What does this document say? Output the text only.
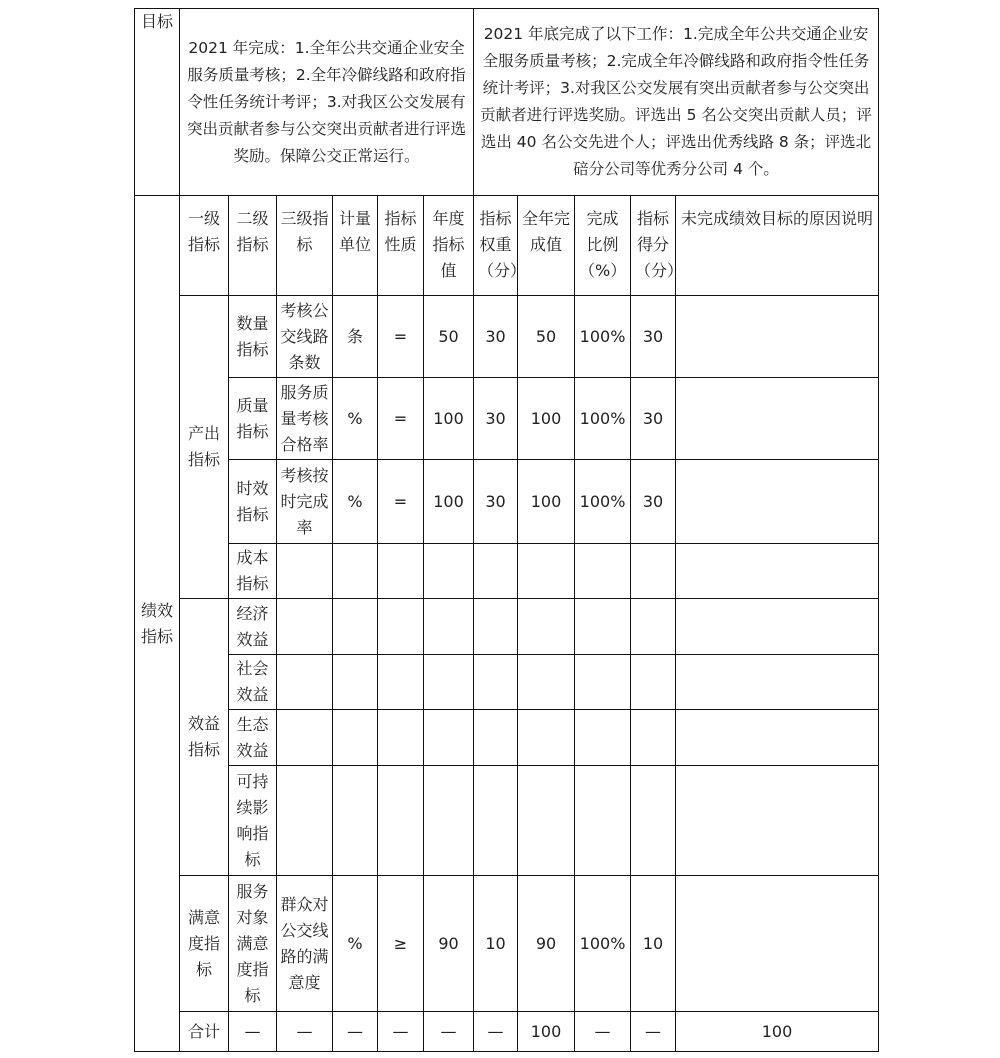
目标	2021 年完成：1.全年公共交通企业安全服务质量考核；2.全年冷僻线路和政府指令性任务统计考评；3.对我区公交发展有突出贡献者参与公交突出贡献者进行评选奖励。保障公交正常运行。						2021 年底完成了以下工作：1.完成全年公共交通企业安全服务质量考核；2.完成全年冷僻线路和政府指令性任务统计考评；3.对我区公交发展有突出贡献者参与公交突出贡献者进行评选奖励。评选出 5 名公交突出贡献人员；评选出 40 名公交先进个人；评选出优秀线路 8 条；评选北碚分公司等优秀分公司 4 个。					
绩效指标	一级指标	二级指标	三级指标	计量单位	指标性质	年度指标值	指标权重（分）	全年完成值	完成比例（%）	指标得分（分）	未完成绩效目标的原因说明	
	产出指标	数量指标	考核公交线路条数	条	=	50	30	50	100%	30		
		质量指标	服务质量考核合格率	%	=	100	30	100	100%	30		
		时效指标	考核按时完成率	%	=	100	30	100	100%	30		
		成本指标										
	效益指标	经济效益										
		社会效益										
		生态效益										
		可持续影响指标										
	满意度指标	服务对象满意度指标	群众对公交线路的满意度	%	≥	90	10	90	100%	10		
	合计	—	—	—	—	—	—	100	—	—	100	
